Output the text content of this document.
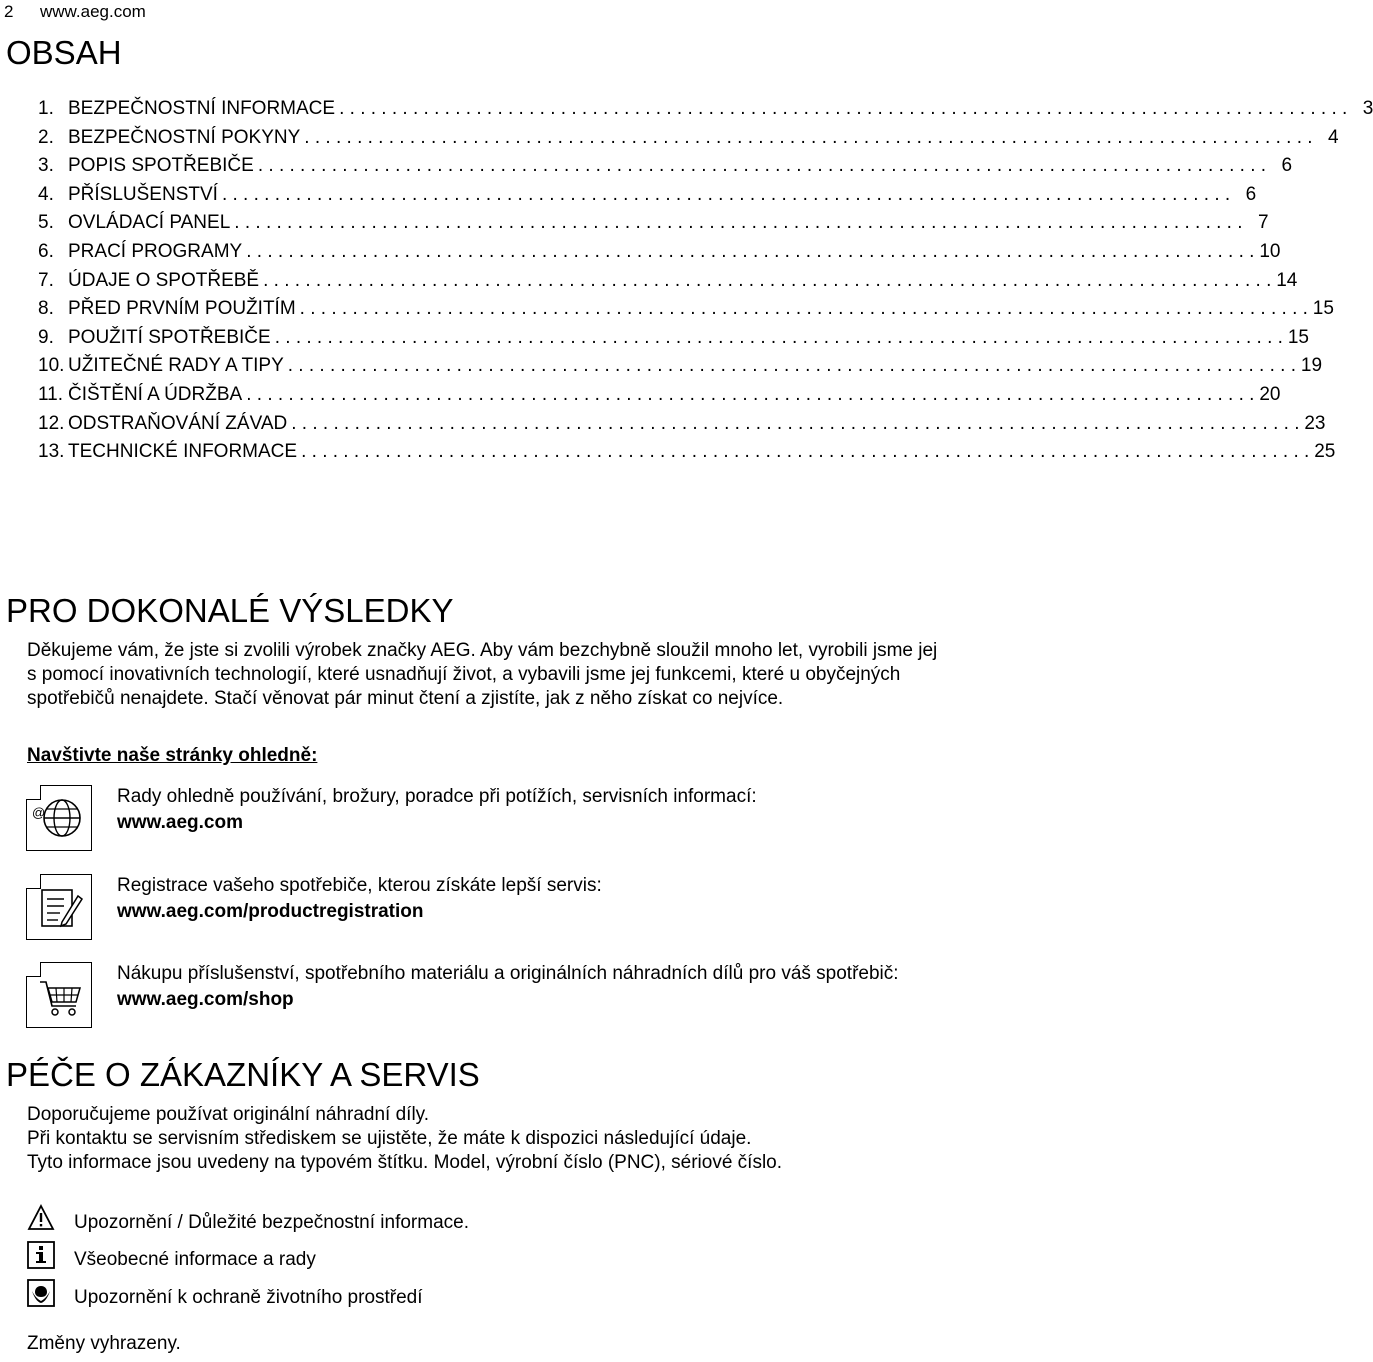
2 www.aeg.com
OBSAH
1. BEZPEČNOSTNÍ INFORMACE . . .	3
2. BEZPEČNOSTNÍ POKYNY . . .	4
3. POPIS SPOTŘEBIČE . . .	6
4. PŘÍSLUŠENSTVÍ . . .	6
5. OVLÁDACÍ PANEL . . .	7
6. PRACÍ PROGRAMY . . .	10
7. ÚDAJE O SPOTŘEBĚ . . .	14
8. PŘED PRVNÍM POUŽITÍM . . .	15
9. POUŽITÍ SPOTŘEBIČE . . .	15
10. UŽITEČNÉ RADY A TIPY . . .	19
11. ČIŠTĚNÍ A ÚDRŽBA . . .	20
12. ODSTRAŇOVÁNÍ ZÁVAD . . .	23
13. TECHNICKÉ INFORMACE . . .	25
PRO DOKONALÉ VÝSLEDKY

Děkujeme vám, že jste si zvolili výrobek značky AEG. Aby vám bezchybně sloužil mnoho let, vyrobili jsme jej s pomocí inovativních technologií, které usnadňují život, a vybavili jsme jej funkcemi, které u obyčejných spotřebičů nenajdete. Stačí věnovat pár minut čtení a zjistíte, jak z něho získat co nejvíce.

Navštivte naše stránky ohledně:
@
Rady ohledně používání, brožury, poradce při potížích, servisních informací:
www.aeg.com
Registrace vašeho spotřebiče, kterou získáte lepší servis:
www.aeg.com/productregistration
Nákupu příslušenství, spotřebního materiálu a originálních náhradních dílů pro váš spotřebič:
www.aeg.com/shop
PÉČE O ZÁKAZNÍKY A SERVIS
Doporučujeme používat originální náhradní díly.
Při kontaktu se servisním střediskem se ujistěte, že máte k dispozici následující údaje.
Tyto informace jsou uvedeny na typovém štítku. Model, výrobní číslo (PNC), sériové číslo.
Upozornění / Důležité bezpečnostní informace.
Všeobecné informace a rady
Upozornění k ochraně životního prostředí
Změny vyhrazeny.
